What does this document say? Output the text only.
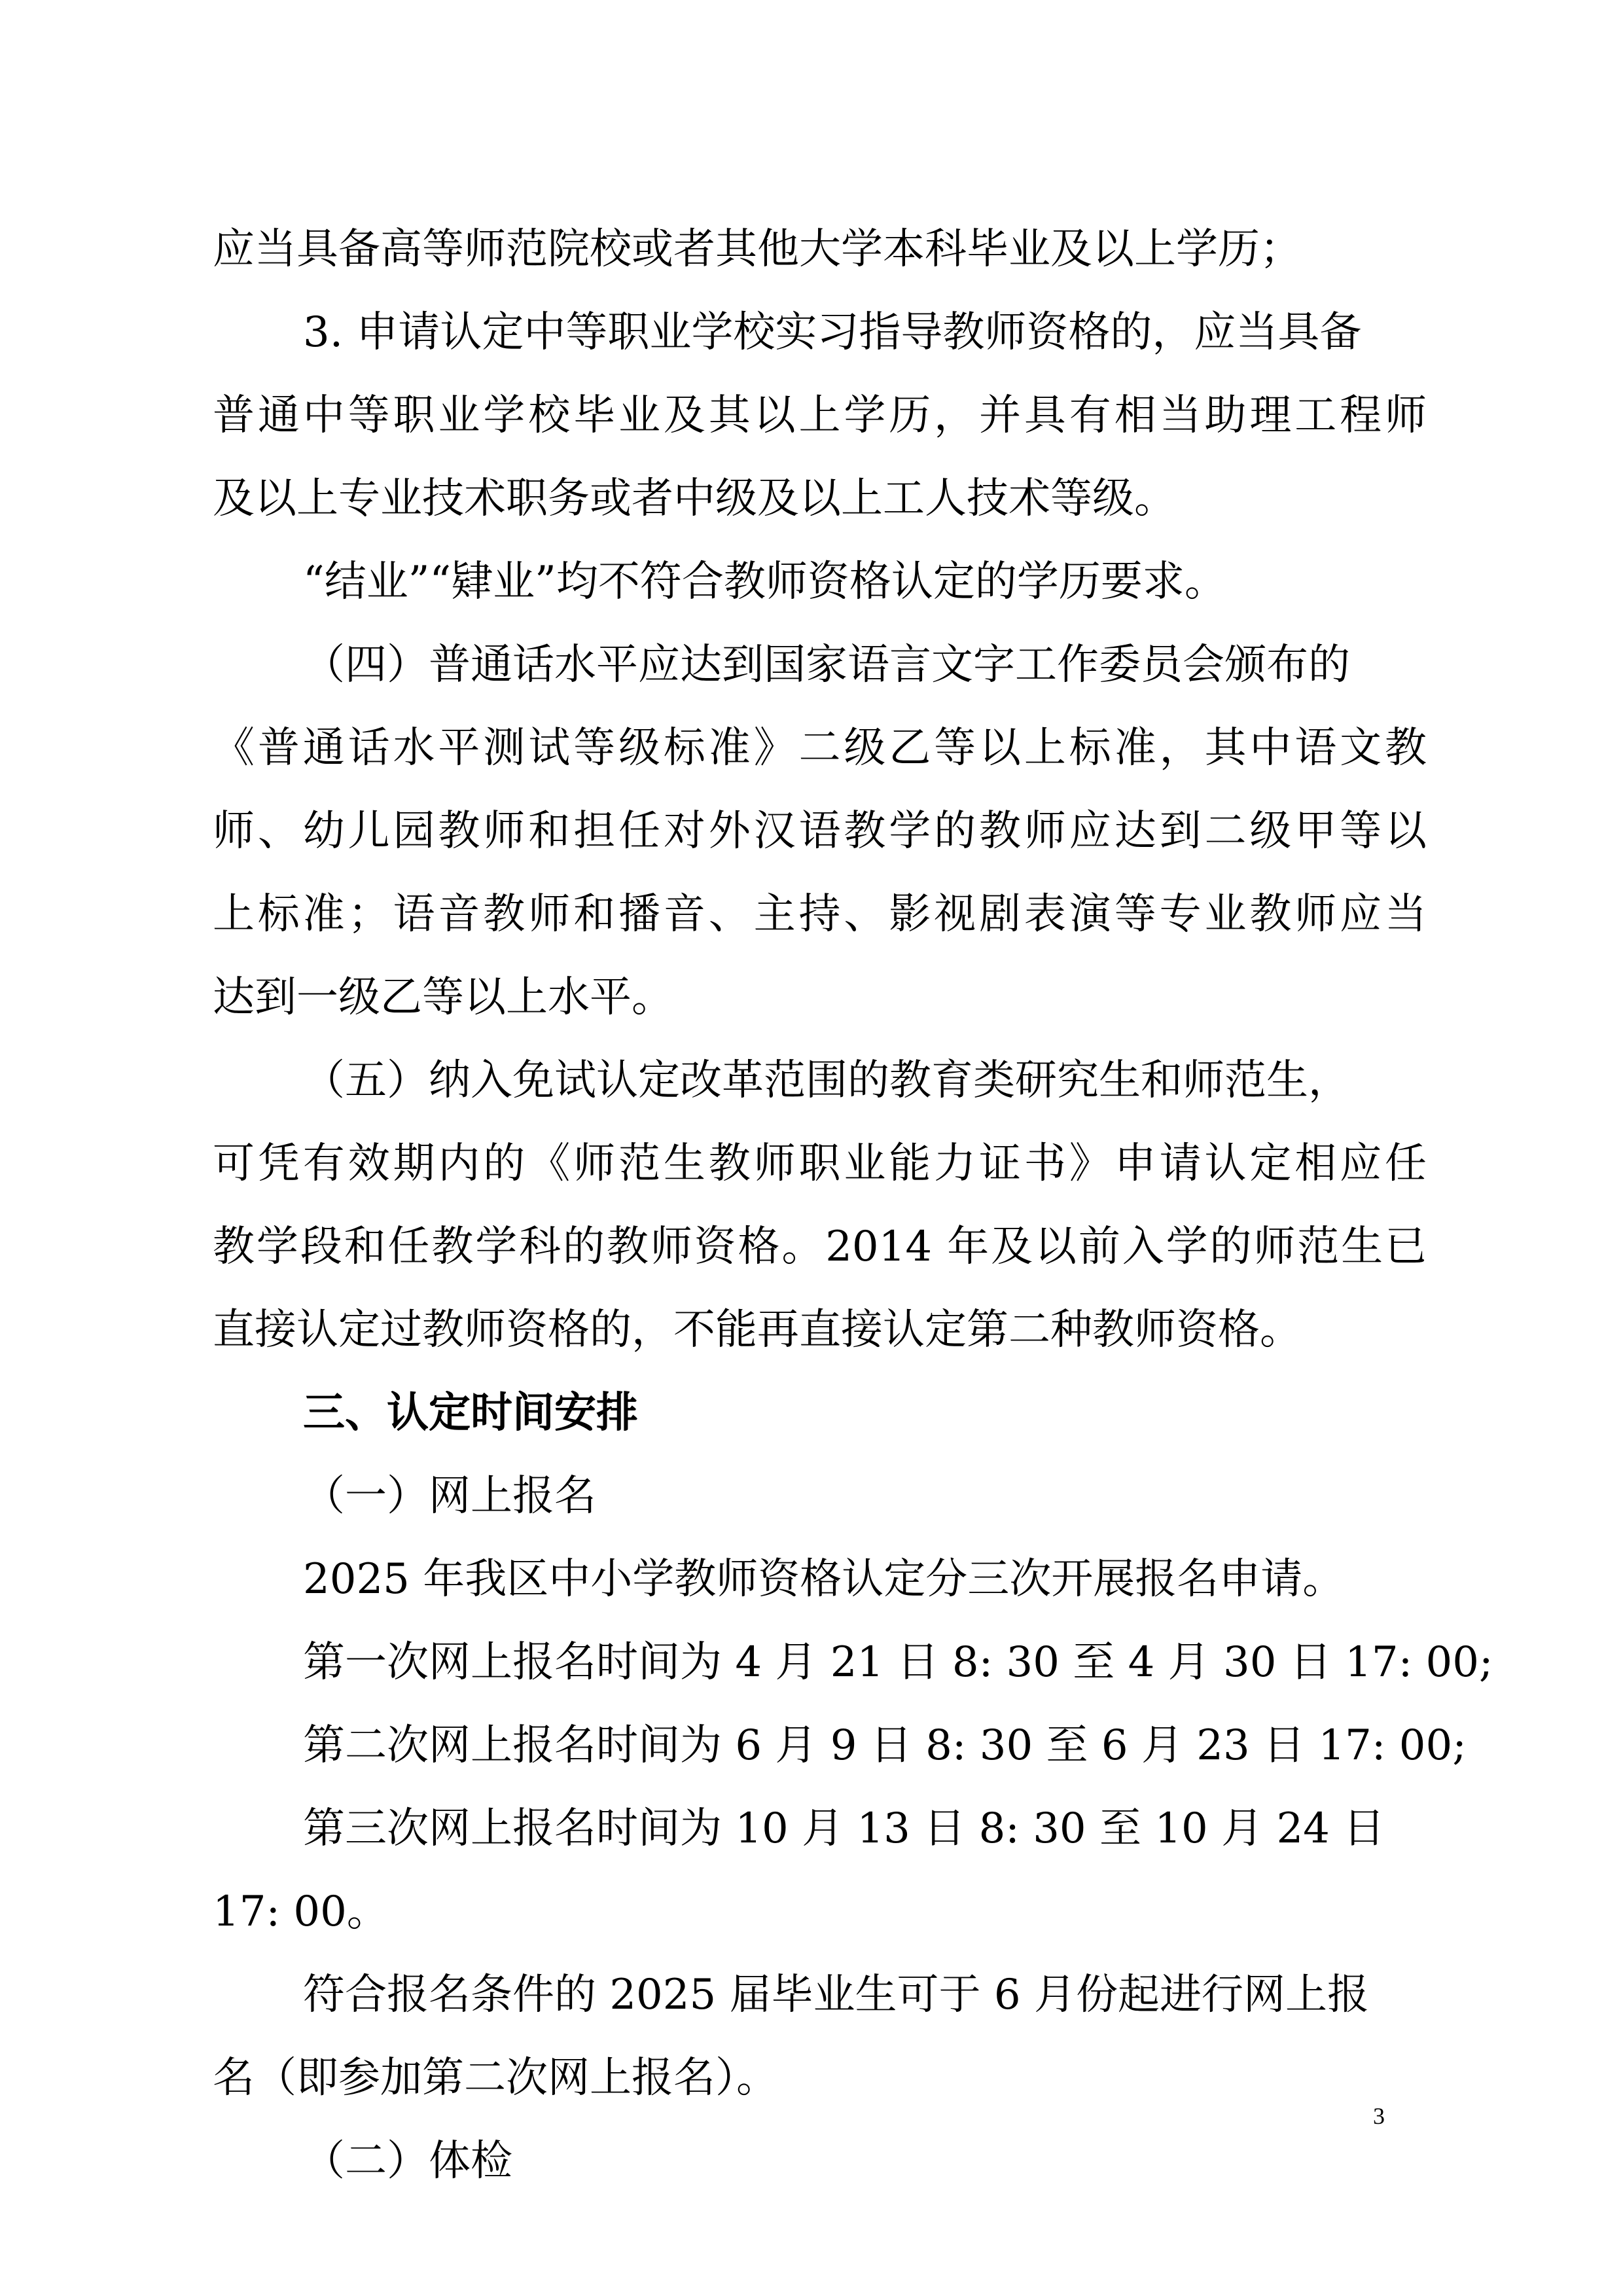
应当具备高等师范院校或者其他大学本科毕业及以上学历；
3. 申请认定中等职业学校实习指导教师资格的，应当具备
普通中等职业学校毕业及其以上学历，并具有相当助理工程师
及以上专业技术职务或者中级及以上工人技术等级。
“结业”“肄业”均不符合教师资格认定的学历要求。
（四）普通话水平应达到国家语言文字工作委员会颁布的
《普通话水平测试等级标准》二级乙等以上标准，其中语文教
师、幼儿园教师和担任对外汉语教学的教师应达到二级甲等以
上标准；语音教师和播音、主持、影视剧表演等专业教师应当
达到一级乙等以上水平。
（五）纳入免试认定改革范围的教育类研究生和师范生，
可凭有效期内的《师范生教师职业能力证书》申请认定相应任
教学段和任教学科的教师资格。2014 年及以前入学的师范生已
直接认定过教师资格的，不能再直接认定第二种教师资格。
三、认定时间安排
（一）网上报名
2025 年我区中小学教师资格认定分三次开展报名申请。
第一次网上报名时间为 4 月 21 日 8: 30 至 4 月 30 日 17: 00;
第二次网上报名时间为 6 月 9 日 8: 30 至 6 月 23 日 17: 00;
第三次网上报名时间为 10 月 13 日 8: 30 至 10 月 24 日
17: 00。
符合报名条件的 2025 届毕业生可于 6 月份起进行网上报
名（即参加第二次网上报名）。
（二）体检
3
